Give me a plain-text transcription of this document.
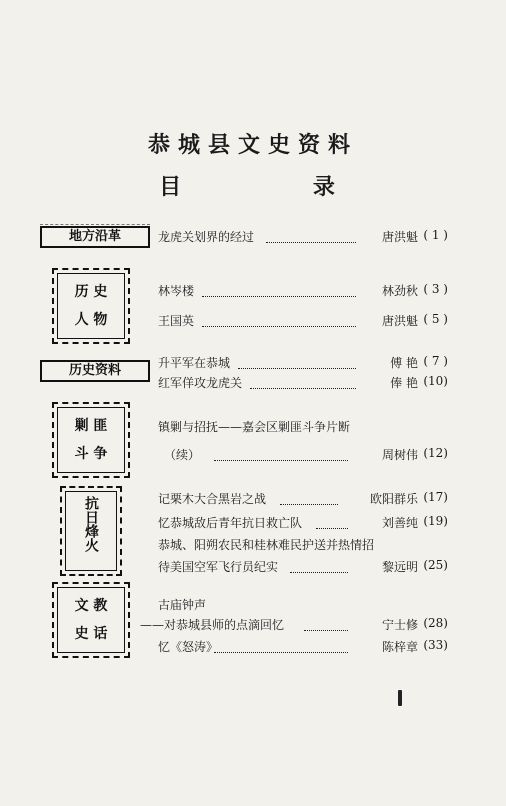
恭城县文史资料
目 录
地方沿革
历 史
人 物
历史资料
剿 匪
斗 争
抗日烽火
文 教
史 话
龙虎关划界的经过	唐洪魁 ( 1 )
林岑楼	林劲秋 ( 3 )
王国英	唐洪魁 ( 5 )
升平军在恭城	傅 艳 ( 7 )
红军佯攻龙虎关	俸 艳 (10)
镇剿与招抚——嘉会区剿匪斗争片断
（续）	周树伟 (12)
记栗木大合黑岩之战	欧阳群乐 (17)
忆恭城敌后青年抗日救亡队	刘善纯 (19)
恭城、阳朔农民和桂林难民护送并热情招
待美国空军飞行员纪实	黎远明 (25)
古庙钟声
——对恭城县师的点滴回忆	宁士修 (28)
忆《怒涛》	陈梓章 (33)
